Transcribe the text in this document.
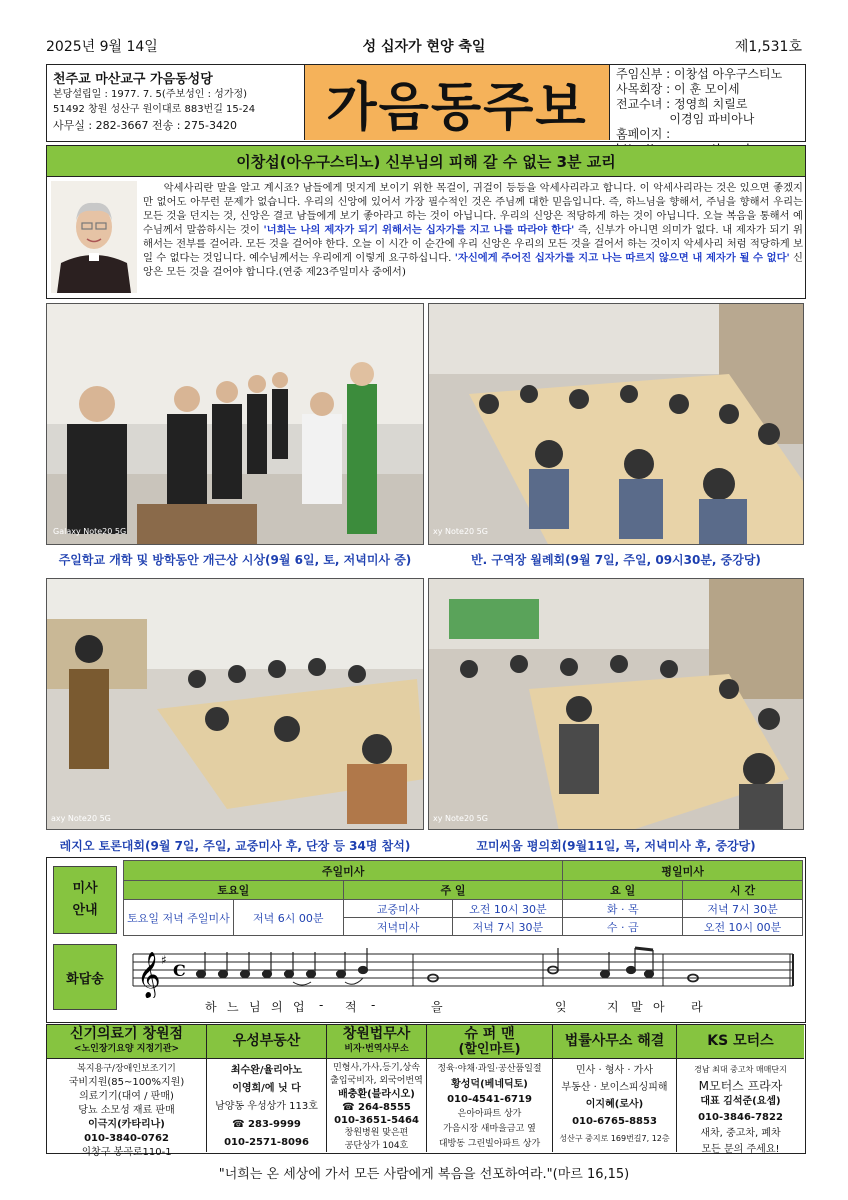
2025년 9월 14일	성 십자가 현양 축일	제1,531호
천주교 마산교구 가음동성당
본당설립일 : 1977. 7. 5(주보성인 : 성가정)
51492 창원 성산구 원이대로 883번길 15-24
사무실 : 282-3667 전송 : 275-3420	가음동주보
주임신부 : 이창섭 아우구스티노
사목회장 : 이 훈 모이세
전교수녀 : 정영희 치릴로
이경임 파비아나
홈페이지 :
이창섭(아우구스티노) 신부님의 피해 갈 수 없는 3분 교리
악세사리란 말을 알고 계시죠? 남들에게 멋지게 보이기 위한 목걸이, 귀걸이 등등을 악세사리라고 합니다. 이 악세사리라는 것은 있으면 좋겠지만 없어도 아무런 문제가 없습니다. 우리의 신앙에 있어서 가장 필수적인 것은 주님께 대한 믿음입니다. 즉, 하느님을 향해서, 주님을 향해서 우리는 모든 것을 던지는 것, 신앙은 결코 남들에게 보기 좋아라고 하는 것이 아닙니다. 우리의 신앙은 적당하게 하는 것이 아닙니다. 오늘 복음을 통해서 예수님께서 말씀하시는 것이 '너희는 나의 제자가 되기 위해서는 십자가를 지고 나를 따라야 한다' 즉, 신부가 아니면 의미가 없다. 내 제자가 되기 위해서는 전부를 걸어라. 모든 것을 걸어야 한다. 오늘 이 시간 이 순간에 우리 신앙은 우리의 모든 것을 걸어서 하는 것이지 악세사리 처럼 적당하게 보일 수 없다는 것입니다. 예수님께서는 우리에게 이렇게 요구하십니다. '자신에게 주어진 십자가를 지고 나는 따르지 않으면 내 제자가 될 수 없다' 신앙은 모든 것을 걸어야 합니다.(연중 제23주일미사 중에서)
Galaxy Note20 5G	xy Note20 5G
주일학교 개학 및 방학동안 개근상 시상(9월 6일, 토, 저녁미사 중)	반. 구역장 월례회(9월 7일, 주일, 09시30분, 중강당)
axy Note20 5G	xy Note20 5G
레지오 토론대회(9월 7일, 주일, 교중미사 후, 단장 등 34명 참석)	꼬미씨움 평의회(9월11일, 목, 저녁미사 후, 중강당)
미사
안내
주일미사				평일미사	
토요일		주 일		요 일	시 간
토요일 저녁 주일미사	저녁 6시 00분	교중미사	오전 10시 30분	화 · 목	저녁 7시 30분
		저녁미사	저녁 7시 30분	수 · 금	오전 10시 00분
화답송 𝄞 ♯
C
하 느 님 의 업 - 적 -	을	잊	지 말 아 라
신기의료기 창원점
<노인장기요양 지정기관>
복지용구/장애인보조기기
국비지원(85~100%지원)
의료기기(대여 / 판매)
당뇨 소모성 재료 판매
이극지(카타리나)
010-3840-0762
의창구 봉곡로110-1
우성부동산
최수완/율리아노
이영희/에 닛 다
남양동 우성상가 113호
☎ 283-9999
010-2571-8096
창원법무사
비자·번역사무소
민형사,가사,등기,상속
출입국비자, 외국어번역
배충환(블라시오)
☎ 264-8555
010-3651-5464
창원병원 맞은편
공단상가 104호
슈 퍼 맨
(할인마트)
정육·야채·과일·공산품일절
황성덕(베네딕토)
010-4541-6719
은아아파트 상가
가음시장 새마을금고 옆
대방동 그린빌아파트 상가
법률사무소 해결
민사 · 형사 · 가사
부동산 · 보이스피싱피해
이지혜(로사)
010-6765-8853
성산구 중지로 169번길7, 12층
KS 모터스
경남 최대 중고차 매매단지
M모터스 프라자
대표 김석준(요셉)
010-3846-7822
새차, 중고차, 폐차
모든 문의 주세요!
"너희는 온 세상에 가서 모든 사람에게 복음을 선포하여라."(마르 16,15)
